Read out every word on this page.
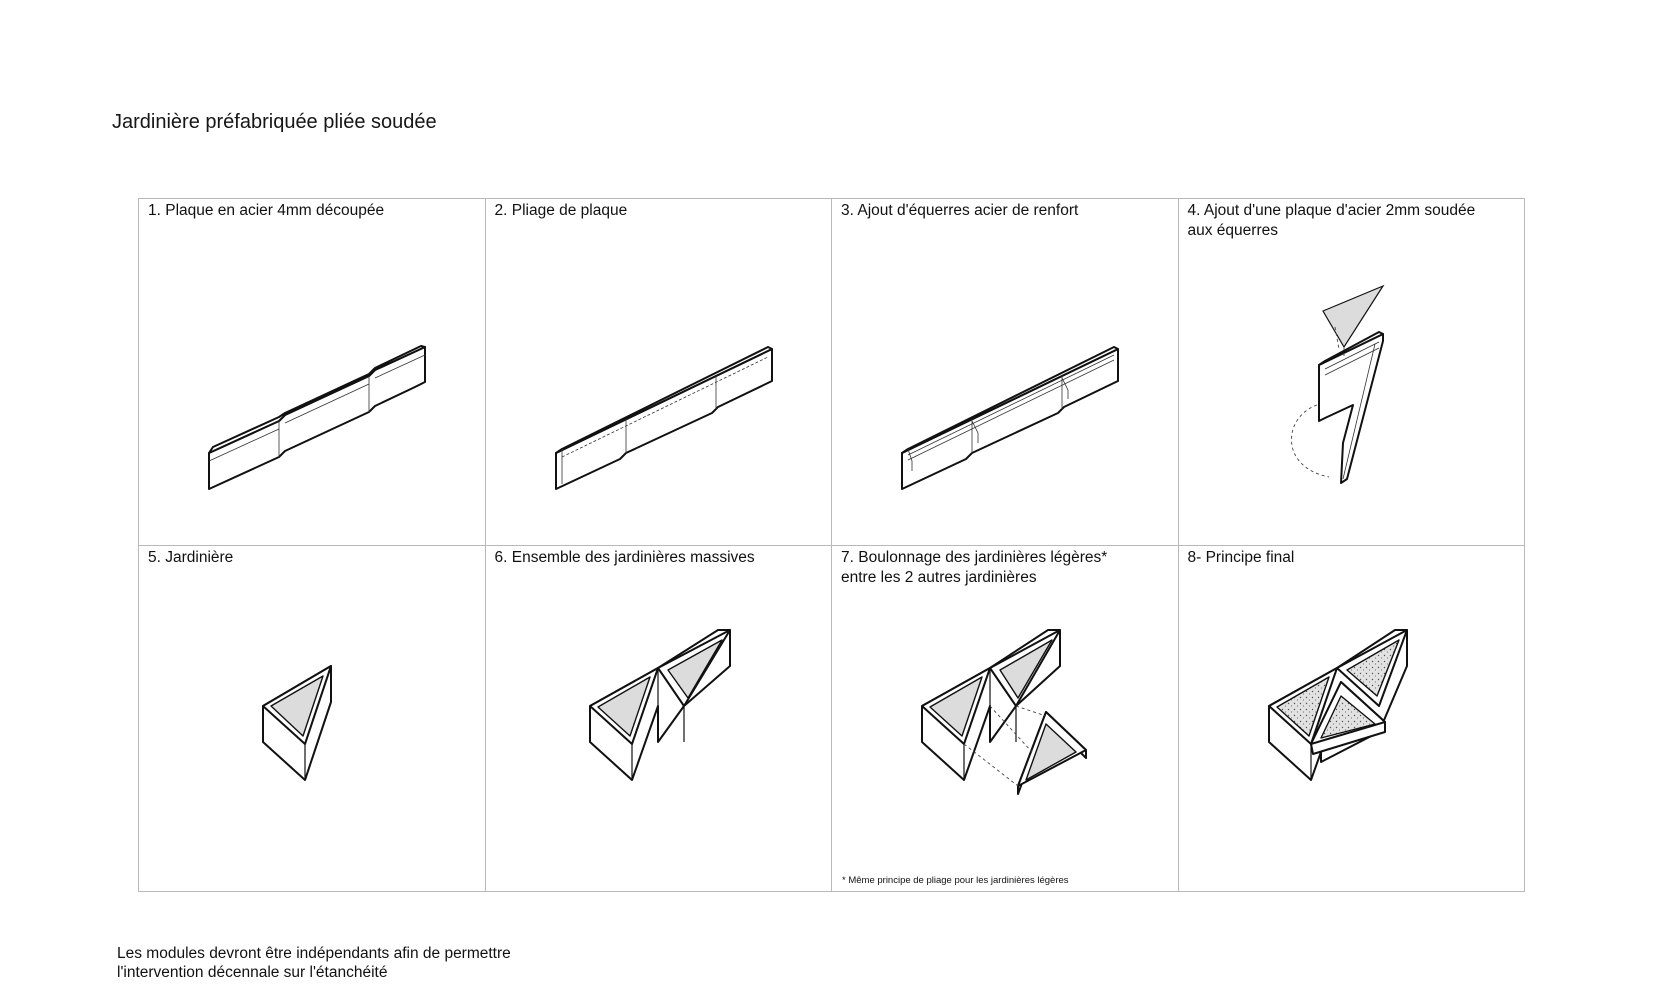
Jardinière préfabriquée pliée soudée
1. Plaque en acier 4mm découpée	2. Pliage de plaque	3. Ajout d'équerres acier de renfort	4. Ajout d'une plaque d'acier 2mm soudée
aux équerres
5. Jardinière	6. Ensemble des jardinières massives	7. Boulonnage des jardinières légères*
entre les 2 autres jardinières
* Même principe de pliage pour les jardinières légères
8- Principe final
Les modules devront être indépendants afin de permettre
l'intervention décennale sur l'étanchéité
